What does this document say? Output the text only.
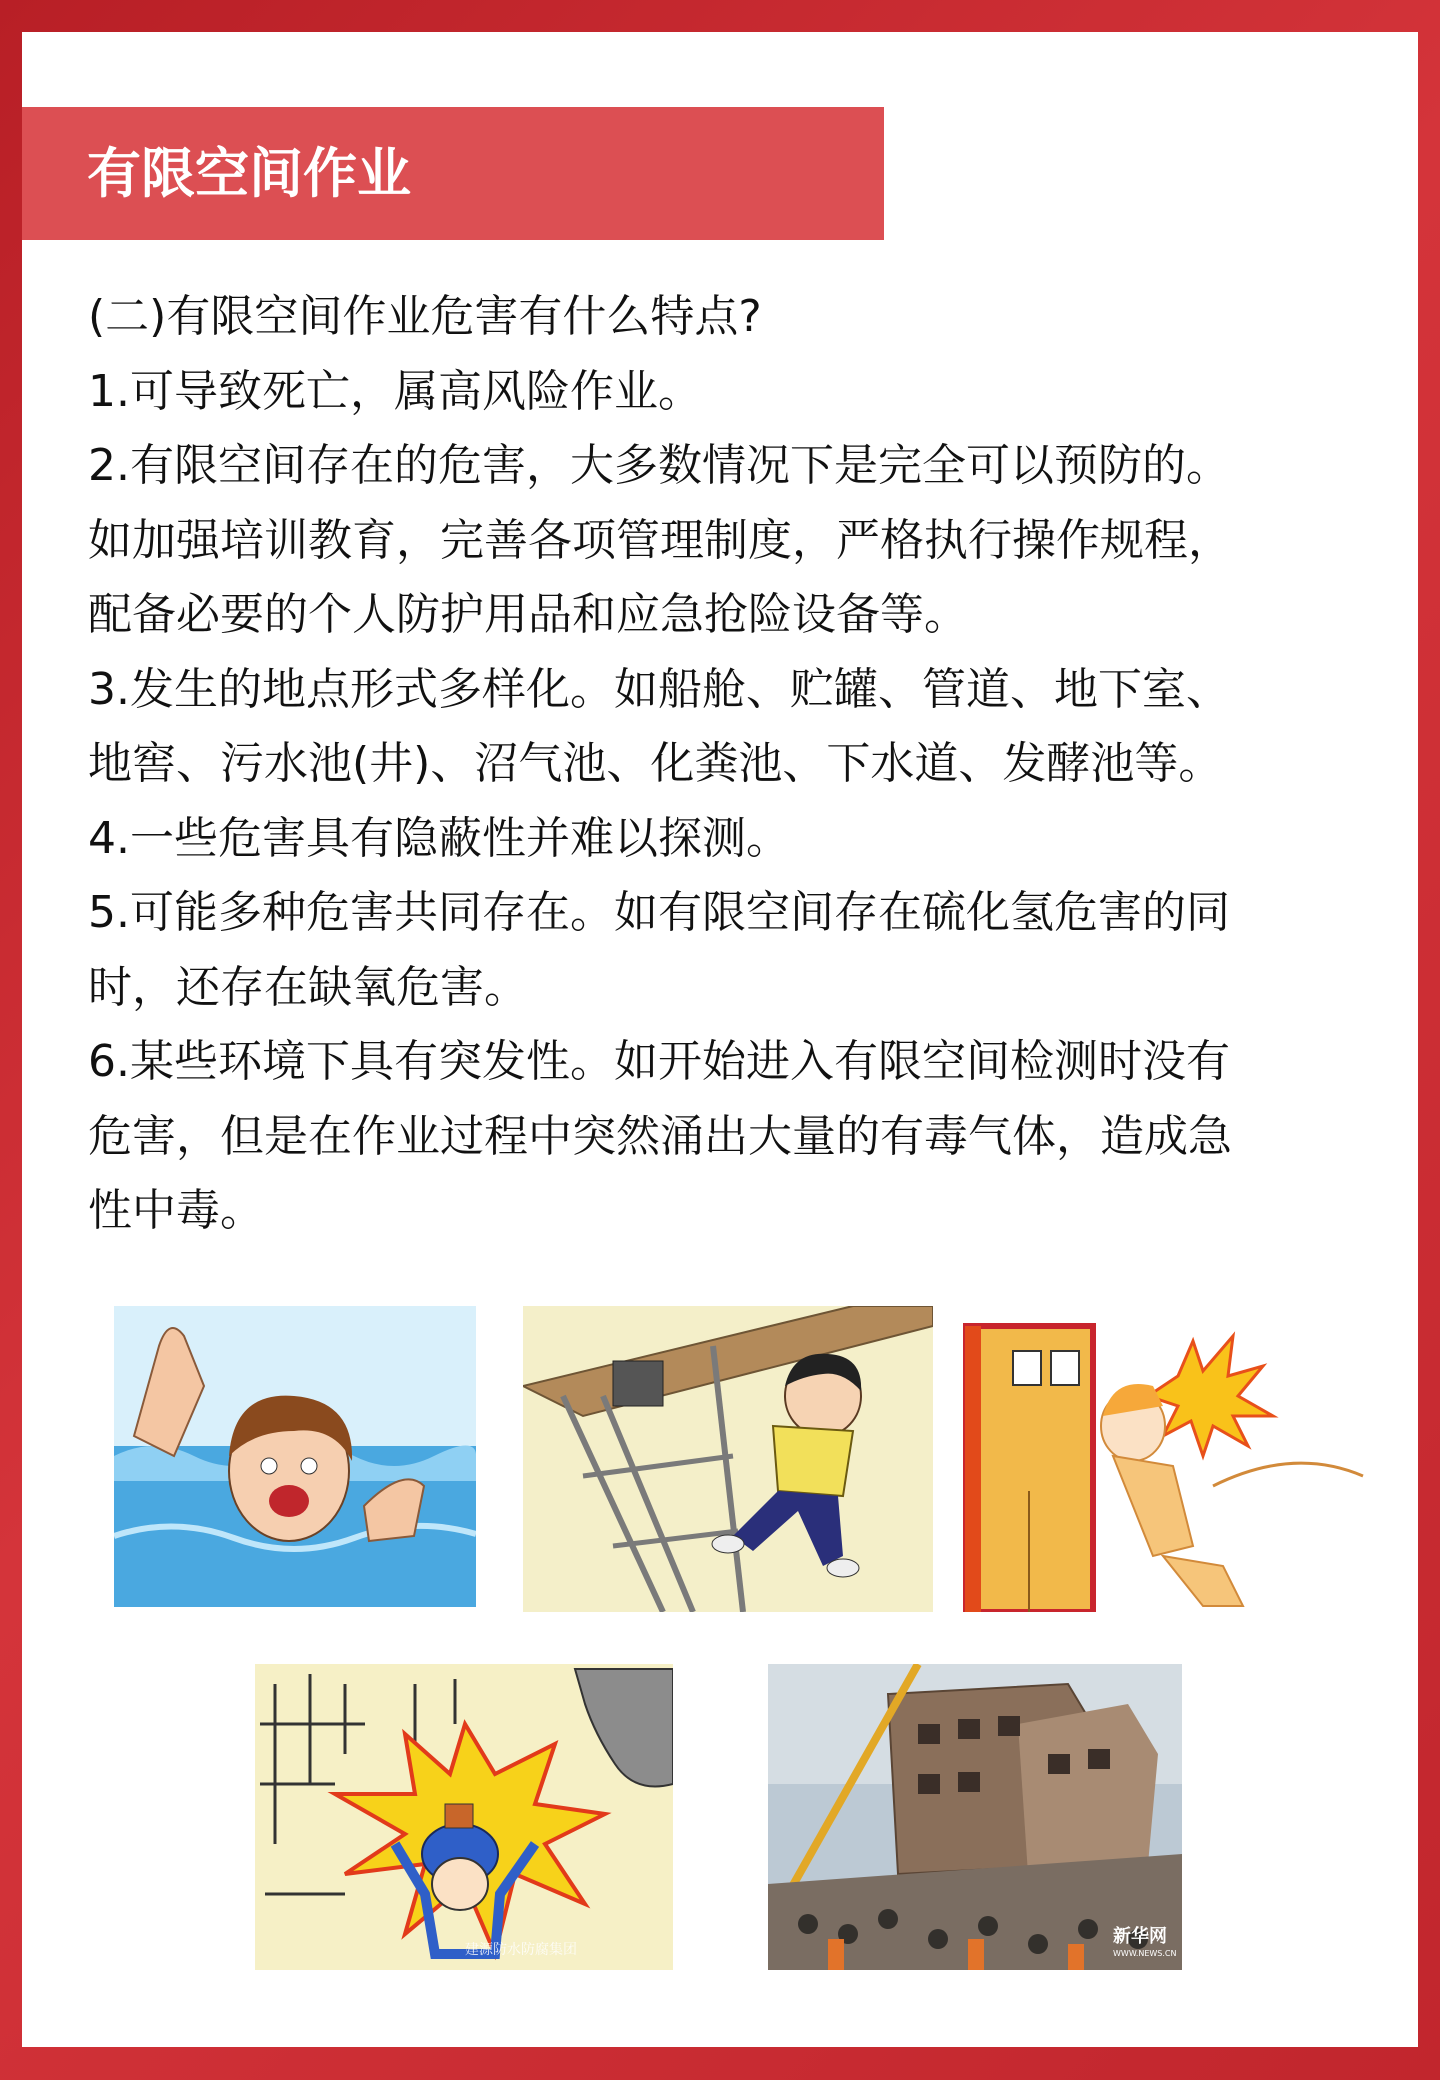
有限空间作业

(二)有限空间作业危害有什么特点?

1.可导致死亡，属高风险作业。

2.有限空间存在的危害，大多数情况下是完全可以预防的。

如加强培训教育，完善各项管理制度，严格执行操作规程，

配备必要的个人防护用品和应急抢险设备等。

3.发生的地点形式多样化。如船舱、贮罐、管道、地下室、

地窖、污水池(井)、沼气池、化粪池、下水道、发酵池等。

4.一些危害具有隐蔽性并难以探测。

5.可能多种危害共同存在。如有限空间存在硫化氢危害的同

时，还存在缺氧危害。

6.某些环境下具有突发性。如开始进入有限空间检测时没有

危害，但是在作业过程中突然涌出大量的有毒气体，造成急

性中毒。

建源防水防腐集团
新华网
WWW.NEWS.CN
